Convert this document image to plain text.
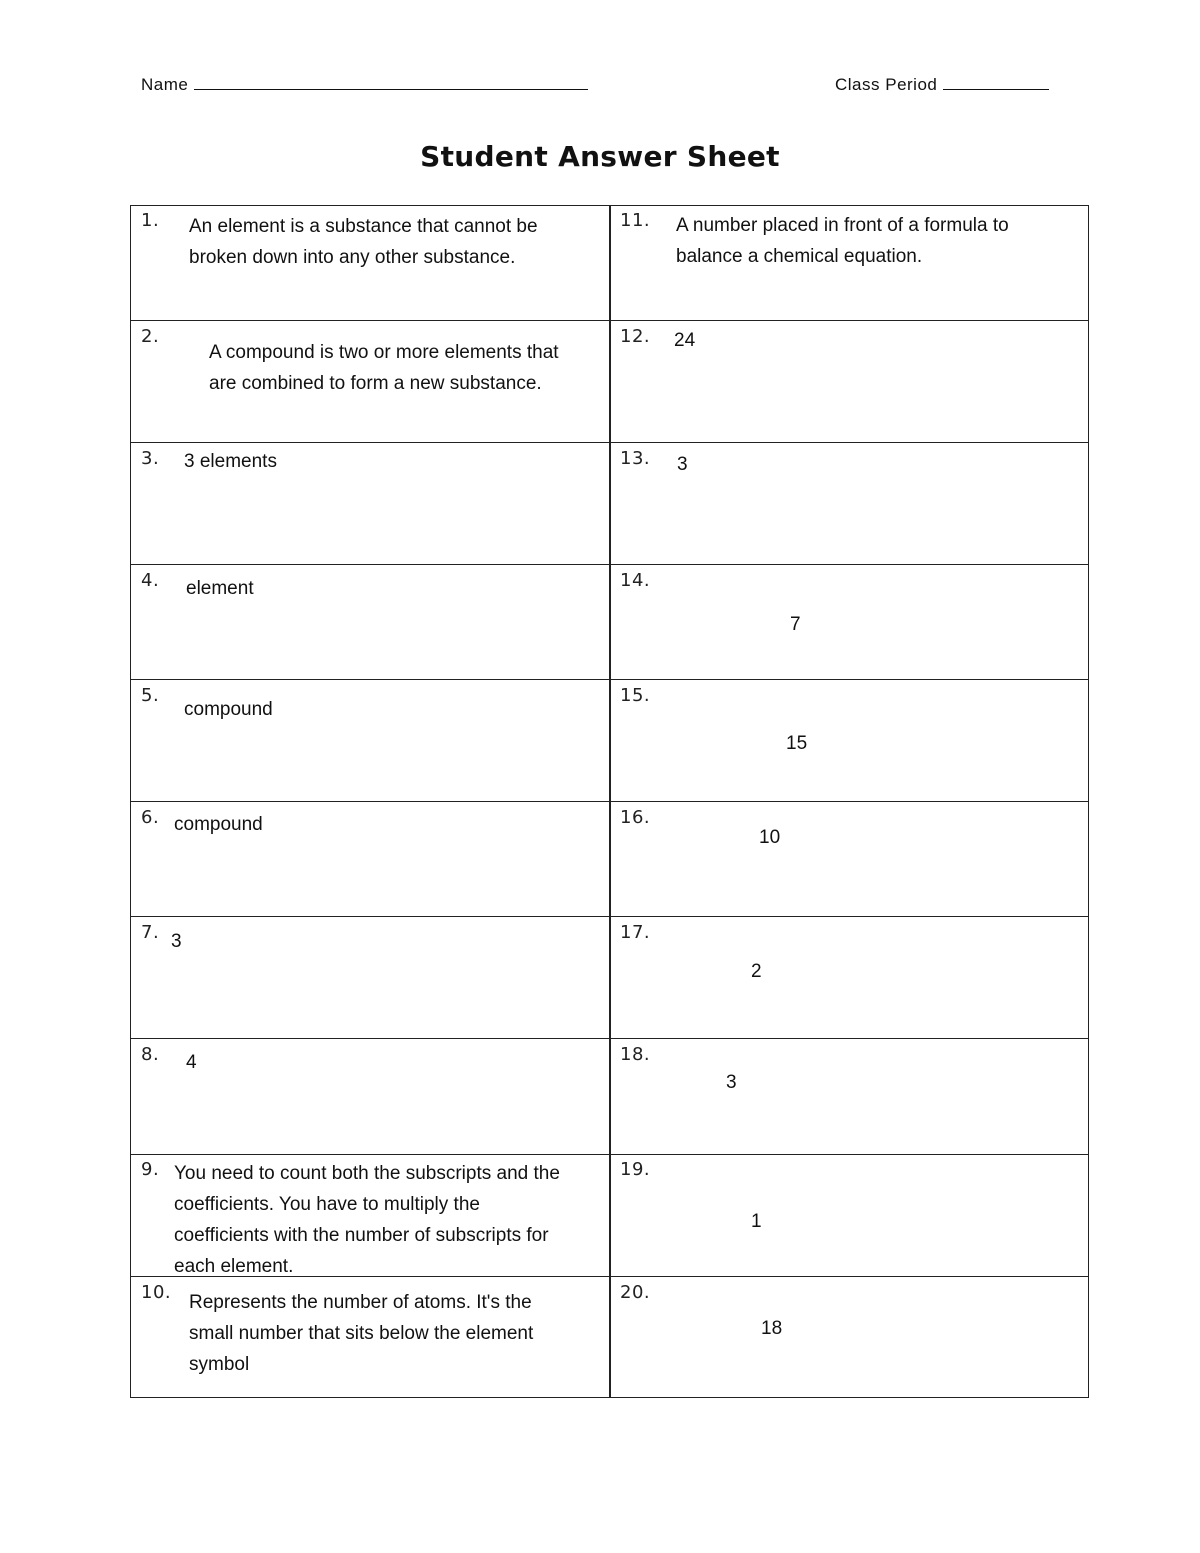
Name	Class Period
Student Answer Sheet
1. An element is a substance that cannot be broken down into any other substance.
2.
A compound is two or more elements that are combined to form a new substance.
3. 3 elements
4. element
5.
compound
6. compound
7. 3
8. 4
9. You need to count both the subscripts and the coefficients. You have to multiply the coefficients with the number of subscripts for each element.
10. Represents the number of atoms. It's the small number that sits below the element symbol
11. A number placed in front of a formula to balance a chemical equation.
12. 24
13. 3
14.
7
15.
15
16.
10
17.
2
18.
3
19.
1
20.
18
